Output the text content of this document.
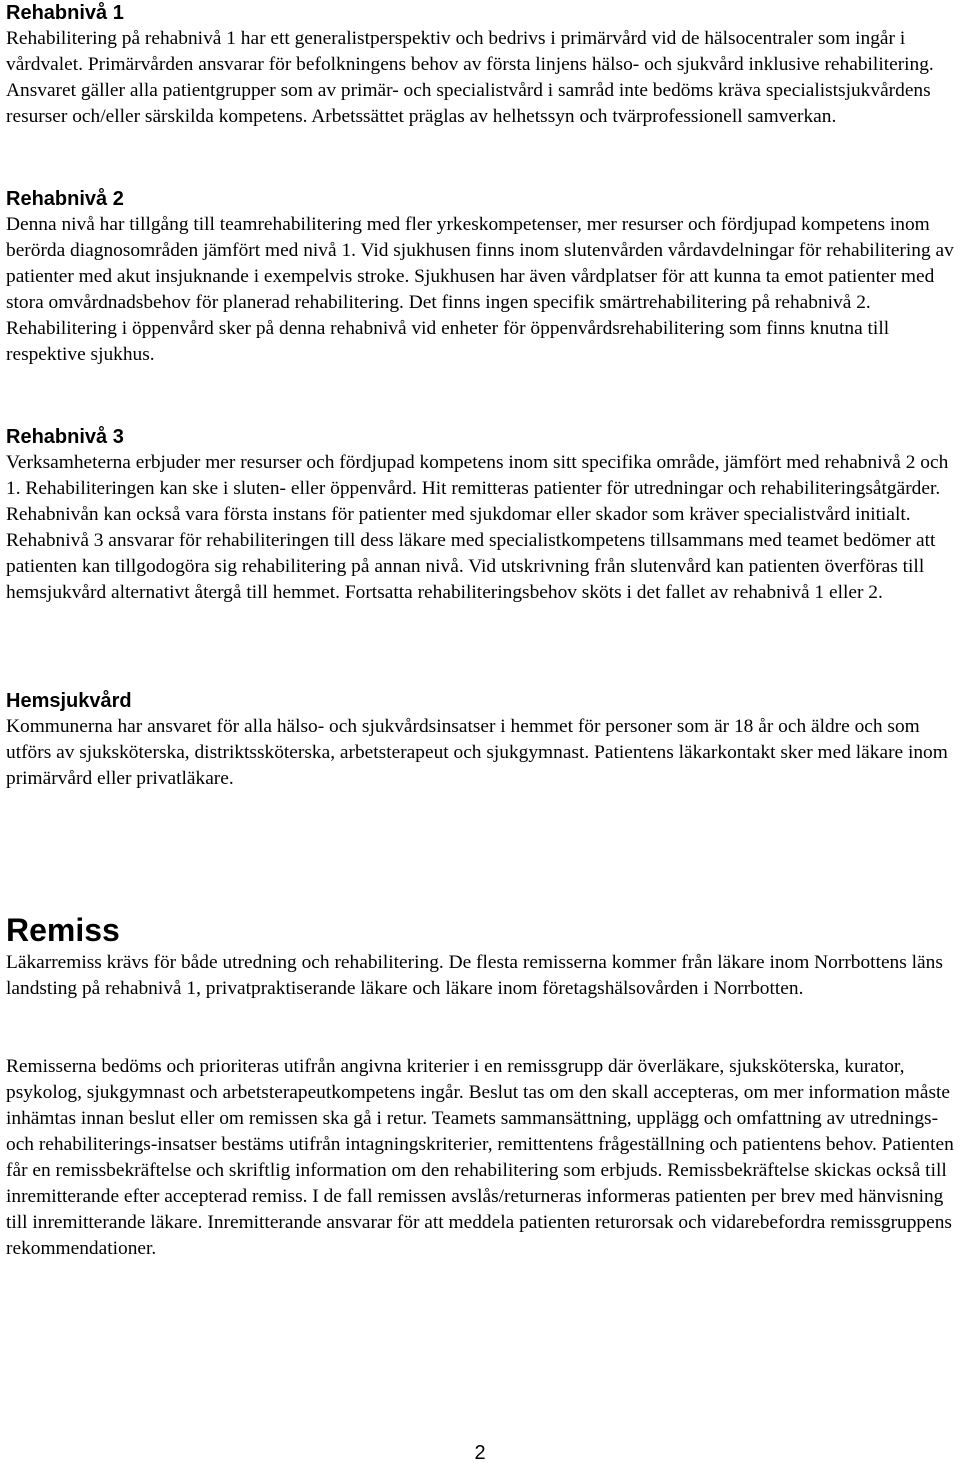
Rehabnivå 1

Rehabilitering på rehabnivå 1 har ett generalistperspektiv och bedrivs i primärvård vid de hälsocentraler som ingår i vårdvalet. Primärvården ansvarar för befolkningens behov av första linjens hälso- och sjukvård inklusive rehabilitering. Ansvaret gäller alla patientgrupper som av primär- och specialistvård i samråd inte bedöms kräva specialistsjukvårdens resurser och/eller särskilda kompetens. Arbetssättet präglas av helhetssyn och tvärprofessionell samverkan.

Rehabnivå 2

Denna nivå har tillgång till teamrehabilitering med fler yrkeskompetenser, mer resurser och fördjupad kompetens inom berörda diagnosområden jämfört med nivå 1. Vid sjukhusen finns inom slutenvården vårdavdelningar för rehabilitering av patienter med akut insjuknande i exempelvis stroke. Sjukhusen har även vårdplatser för att kunna ta emot patienter med stora omvårdnadsbehov för planerad rehabilitering. Det finns ingen specifik smärtrehabilitering på rehabnivå 2. Rehabilitering i öppenvård sker på denna rehabnivå vid enheter för öppenvårdsrehabilitering som finns knutna till respektive sjukhus.

Rehabnivå 3

Verksamheterna erbjuder mer resurser och fördjupad kompetens inom sitt specifika område, jämfört med rehabnivå 2 och 1. Rehabiliteringen kan ske i sluten- eller öppenvård. Hit remitteras patienter för utredningar och rehabiliteringsåtgärder. Rehabnivån kan också vara första instans för patienter med sjukdomar eller skador som kräver specialistvård initialt. Rehabnivå 3 ansvarar för rehabiliteringen till dess läkare med specialistkompetens tillsammans med teamet bedömer att patienten kan tillgodogöra sig rehabilitering på annan nivå. Vid utskrivning från slutenvård kan patienten överföras till hemsjukvård alternativt återgå till hemmet. Fortsatta rehabiliteringsbehov sköts i det fallet av rehabnivå 1 eller 2.

Hemsjukvård

Kommunerna har ansvaret för alla hälso- och sjukvårdsinsatser i hemmet för personer som är 18 år och äldre och som utförs av sjuksköterska, distriktssköterska, arbetsterapeut och sjukgymnast. Patientens läkarkontakt sker med läkare inom primärvård eller privatläkare.

Remiss

Läkarremiss krävs för både utredning och rehabilitering. De flesta remisserna kommer från läkare inom Norrbottens läns landsting på rehabnivå 1, privatpraktiserande läkare och läkare inom företagshälsovården i Norrbotten.

Remisserna bedöms och prioriteras utifrån angivna kriterier i en remissgrupp där överläkare, sjuksköterska, kurator, psykolog, sjukgymnast och arbetsterapeutkompetens ingår. Beslut tas om den skall accepteras, om mer information måste inhämtas innan beslut eller om remissen ska gå i retur. Teamets sammansättning, upplägg och omfattning av utrednings- och rehabiliterings-insatser bestäms utifrån intagningskriterier, remittentens frågeställning och patientens behov. Patienten får en remissbekräftelse och skriftlig information om den rehabilitering som erbjuds. Remissbekräftelse skickas också till inremitterande efter accepterad remiss. I de fall remissen avslås/returneras informeras patienten per brev med hänvisning till inremitterande läkare. Inremitterande ansvarar för att meddela patienten returorsak och vidarebefordra remissgruppens rekommendationer.

2
